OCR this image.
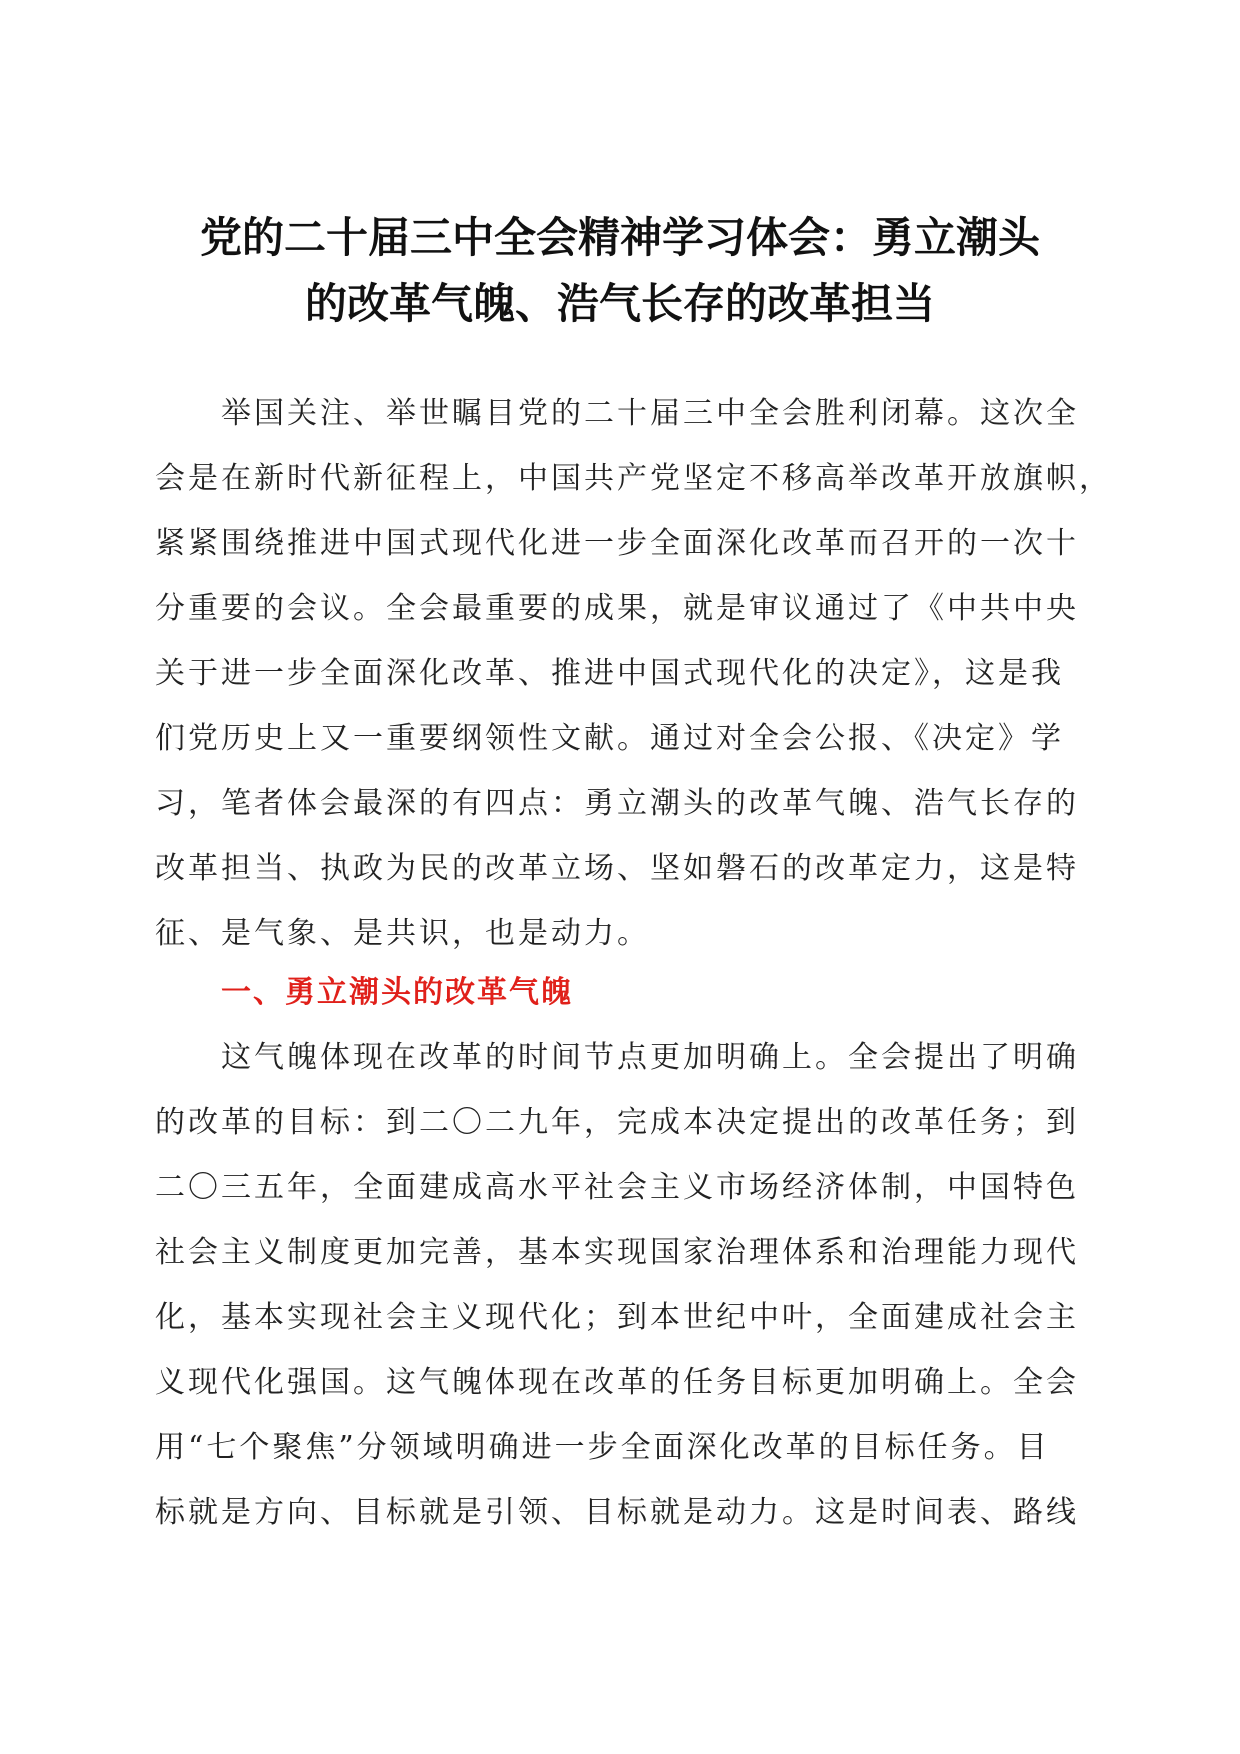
党的二十届三中全会精神学习体会：勇立潮头
的改革气魄、浩气长存的改革担当
举国关注、举世瞩目党的二十届三中全会胜利闭幕。这次全
会是在新时代新征程上，中国共产党坚定不移高举改革开放旗帜，
紧紧围绕推进中国式现代化进一步全面深化改革而召开的一次十
分重要的会议。全会最重要的成果，就是审议通过了《中共中央
关于进一步全面深化改革、推进中国式现代化的决定》，这是我
们党历史上又一重要纲领性文献。通过对全会公报、《决定》学
习，笔者体会最深的有四点：勇立潮头的改革气魄、浩气长存的
改革担当、执政为民的改革立场、坚如磐石的改革定力，这是特
征、是气象、是共识，也是动力。
一、勇立潮头的改革气魄
这气魄体现在改革的时间节点更加明确上。全会提出了明确
的改革的目标：到二〇二九年，完成本决定提出的改革任务；到
二〇三五年，全面建成高水平社会主义市场经济体制，中国特色
社会主义制度更加完善，基本实现国家治理体系和治理能力现代
化，基本实现社会主义现代化；到本世纪中叶，全面建成社会主
义现代化强国。这气魄体现在改革的任务目标更加明确上。全会
用“七个聚焦”分领域明确进一步全面深化改革的目标任务。目
标就是方向、目标就是引领、目标就是动力。这是时间表、路线
